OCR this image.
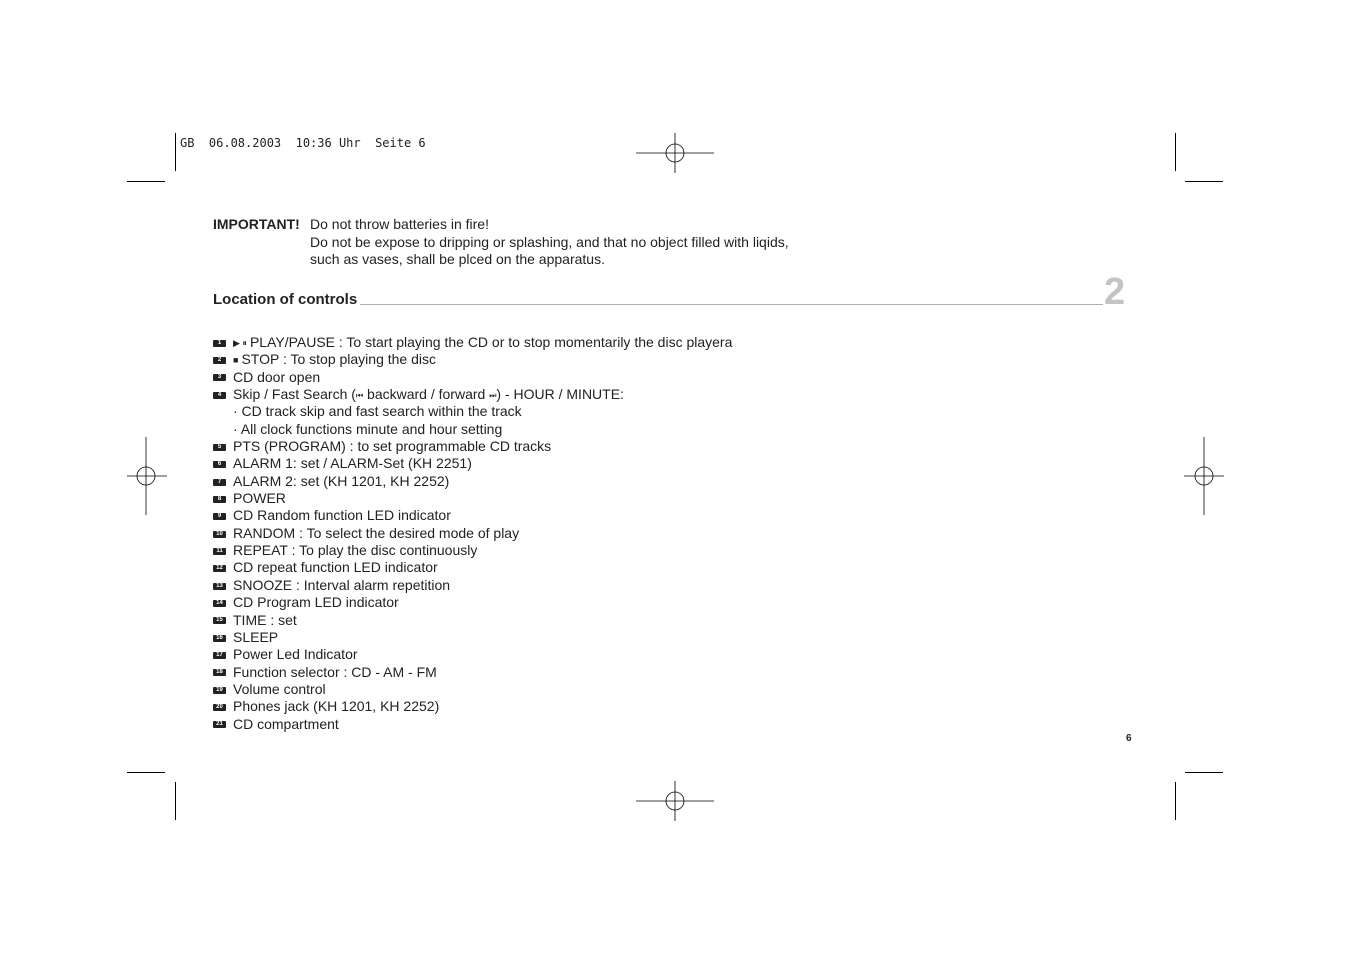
GB  06.08.2003  10:36 Uhr  Seite 6
IMPORTANT! Do not throw batteries in fire!
Do not be expose to dripping or splashing, and that no object filled with liqids,
such as vases, shall be plced on the apparatus.
Location of controls	2
1 ▶ ⏸ PLAY/PAUSE : To start playing the CD or to stop momentarily the disc playera
2 ■ STOP : To stop playing the disc
3 CD door open
4 Skip / Fast Search (⏮ backward / forward ⏭) - HOUR / MINUTE:
· CD track skip and fast search within the track
· All clock functions minute and hour setting
5 PTS (PROGRAM) : to set programmable CD tracks
6 ALARM 1: set / ALARM-Set (KH 2251)
7 ALARM 2: set (KH 1201, KH 2252)
8 POWER
9 CD Random function LED indicator
10 RANDOM : To select the desired mode of play
11 REPEAT : To play the disc continuously
12 CD repeat function LED indicator
13 SNOOZE : Interval alarm repetition
14 CD Program LED indicator
15 TIME : set
16 SLEEP
17 Power Led Indicator
18 Function selector : CD - AM - FM
19 Volume control
20 Phones jack (KH 1201, KH 2252)
21 CD compartment
6
